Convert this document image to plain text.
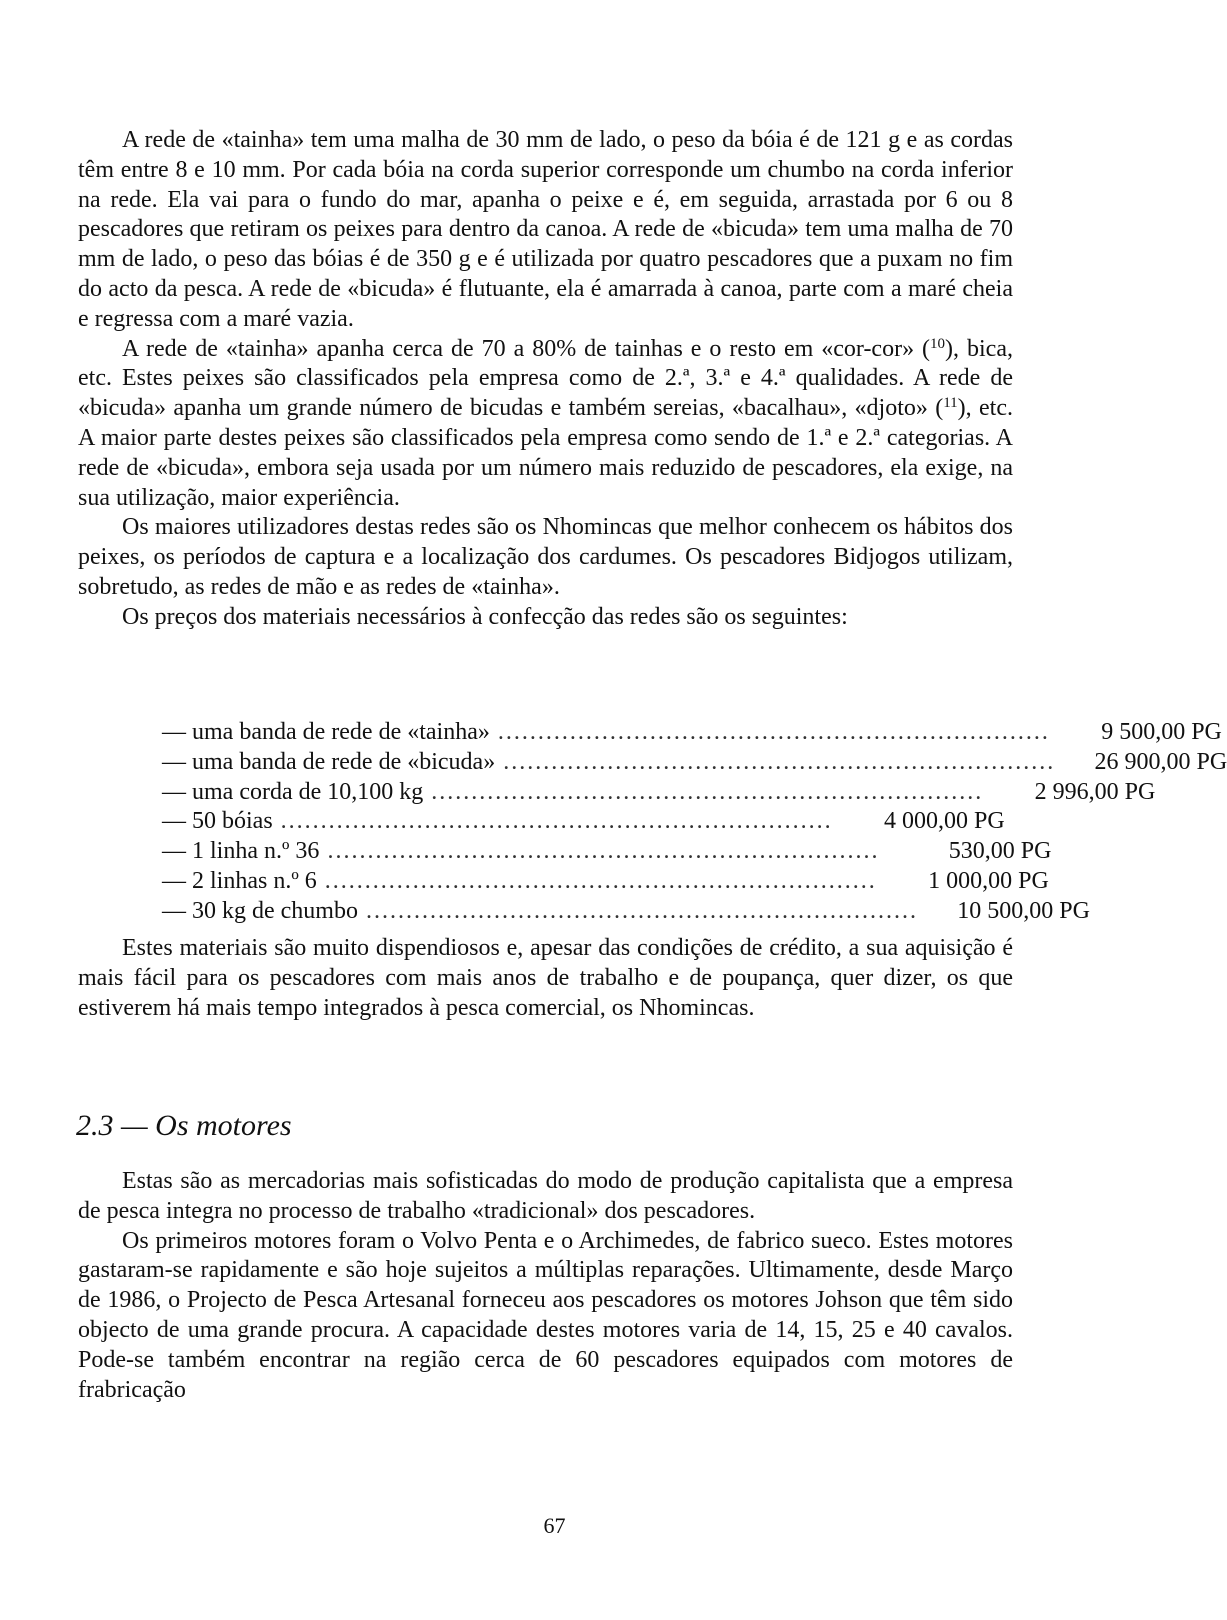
A rede de «tainha» tem uma malha de 30 mm de lado, o peso da bóia é de 121 g e as cordas têm entre 8 e 10 mm. Por cada bóia na corda superior corresponde um chumbo na corda inferior na rede. Ela vai para o fundo do mar, apanha o peixe e é, em seguida, arrastada por 6 ou 8 pescadores que retiram os peixes para dentro da canoa. A rede de «bicuda» tem uma malha de 70 mm de lado, o peso das bóias é de 350 g e é utilizada por quatro pescadores que a puxam no fim do acto da pesca. A rede de «bicuda» é flutuante, ela é amarrada à canoa, parte com a maré cheia e regressa com a maré vazia.

A rede de «tainha» apanha cerca de 70 a 80% de tainhas e o resto em «cor-cor» ($^{10}$), bica, etc. Estes peixes são classificados pela empresa como de 2.ª, 3.ª e 4.ª qualidades. A rede de «bicuda» apanha um grande número de bicudas e também sereias, «bacalhau», «djoto» ($^{11}$), etc. A maior parte destes peixes são classificados pela empresa como sendo de 1.ª e 2.ª categorias. A rede de «bicuda», embora seja usada por um número mais reduzido de pescadores, ela exige, na sua utilização, maior experiência.

Os maiores utilizadores destas redes são os Nhomincas que melhor conhecem os hábitos dos peixes, os períodos de captura e a localização dos cardumes. Os pescadores Bidjogos utilizam, sobretudo, as redes de mão e as redes de «tainha».

Os preços dos materiais necessários à confecção das redes são os seguintes:

— uma banda de rede de «tainha» .....................................................................	9 500,00 PG
— uma banda de rede de «bicuda» .....................................................................	26 900,00 PG
— uma corda de 10,100 kg .....................................................................	2 996,00 PG
— 50 bóias .....................................................................	4 000,00 PG
— 1 linha n.º 36 .....................................................................	530,00 PG
— 2 linhas n.º 6 .....................................................................	1 000,00 PG
— 30 kg de chumbo .....................................................................	10 500,00 PG

Estes materiais são muito dispendiosos e, apesar das condições de crédito, a sua aquisição é mais fácil para os pescadores com mais anos de trabalho e de poupança, quer dizer, os que estiverem há mais tempo integrados à pesca comercial, os Nhomincas.

2.3 — Os motores

Estas são as mercadorias mais sofisticadas do modo de produção capitalista que a empresa de pesca integra no processo de trabalho «tradicional» dos pescadores.

Os primeiros motores foram o Volvo Penta e o Archimedes, de fabrico sueco. Estes motores gastaram-se rapidamente e são hoje sujeitos a múltiplas reparações. Ultimamente, desde Março de 1986, o Projecto de Pesca Artesanal forneceu aos pescadores os motores Johson que têm sido objecto de uma grande procura. A capacidade destes motores varia de 14, 15, 25 e 40 cavalos. Pode-se também encontrar na região cerca de 60 pescadores equipados com motores de frabricação

67
